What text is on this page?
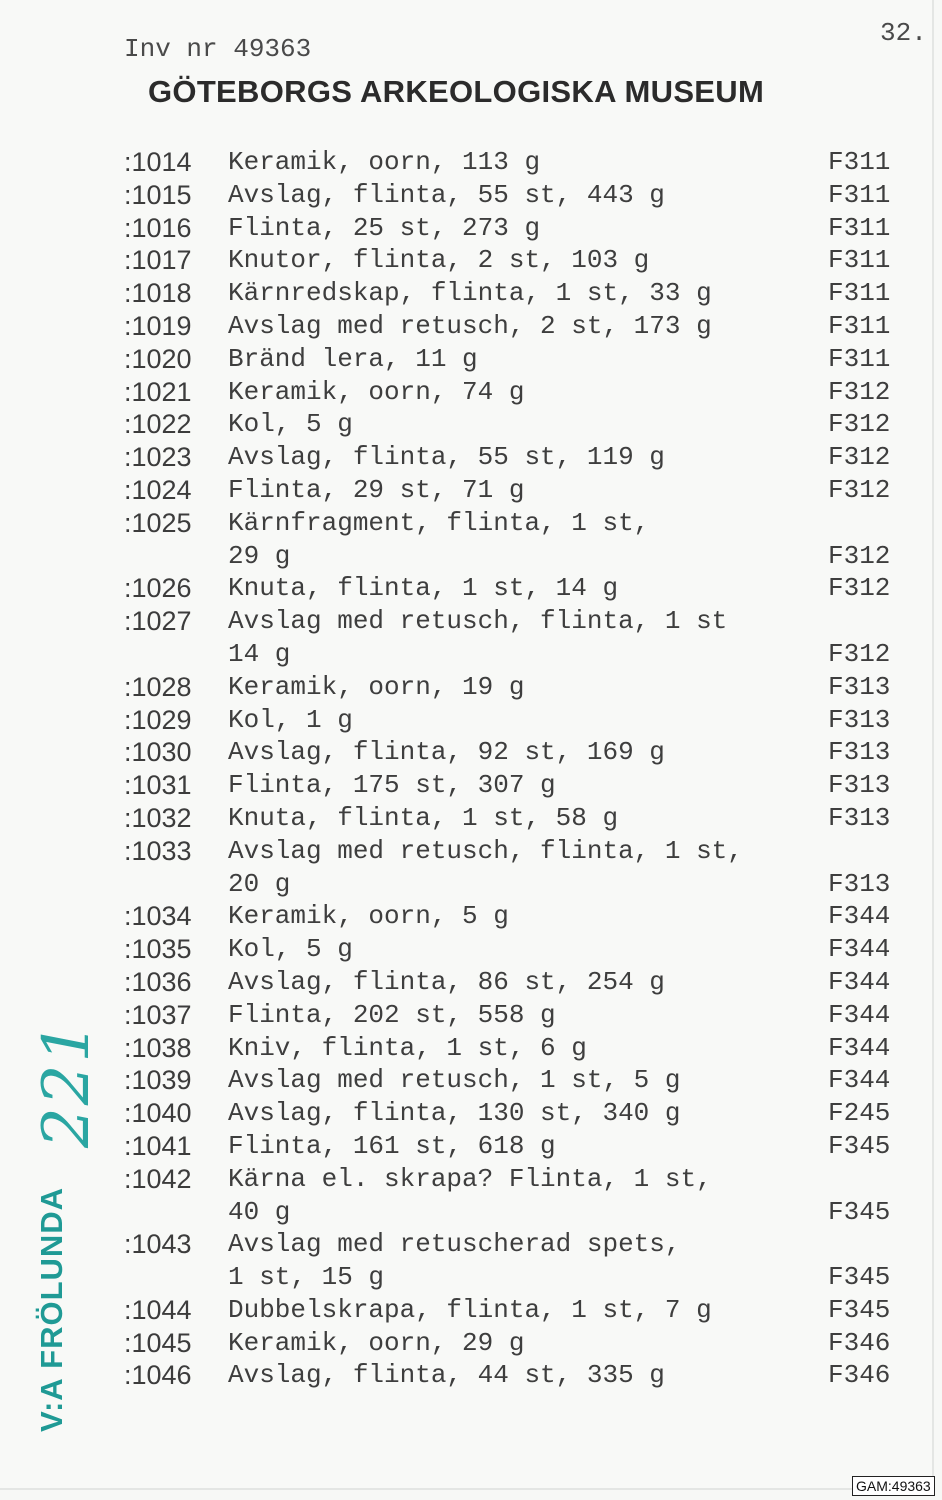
32.
Inv nr 49363
GÖTEBORGS ARKEOLOGISKA MUSEUM
:1014 Keramik, oorn, 113 g	F311
:1015 Avslag, flinta, 55 st, 443 g	F311
:1016 Flinta, 25 st, 273 g	F311
:1017 Knutor, flinta, 2 st, 103 g	F311
:1018 Kärnredskap, flinta, 1 st, 33 g	F311
:1019 Avslag med retusch, 2 st, 173 g	F311
:1020 Bränd lera, 11 g	F311
:1021 Keramik, oorn, 74 g	F312
:1022 Kol, 5 g	F312
:1023 Avslag, flinta, 55 st, 119 g	F312
:1024 Flinta, 29 st, 71 g	F312
:1025 Kärnfragment, flinta, 1 st,
29 g	F312
:1026 Knuta, flinta, 1 st, 14 g	F312
:1027 Avslag med retusch, flinta, 1 st
14 g	F312
:1028 Keramik, oorn, 19 g	F313
:1029 Kol, 1 g	F313
:1030 Avslag, flinta, 92 st, 169 g	F313
:1031 Flinta, 175 st, 307 g	F313
:1032 Knuta, flinta, 1 st, 58 g	F313
:1033 Avslag med retusch, flinta, 1 st,
20 g	F313
:1034 Keramik, oorn, 5 g	F344
:1035 Kol, 5 g	F344
:1036 Avslag, flinta, 86 st, 254 g	F344
:1037 Flinta, 202 st, 558 g	F344
:1038 Kniv, flinta, 1 st, 6 g	F344
:1039 Avslag med retusch, 1 st, 5 g	F344
:1040 Avslag, flinta, 130 st, 340 g	F245
:1041 Flinta, 161 st, 618 g	F345
:1042 Kärna el. skrapa? Flinta, 1 st,
40 g	F345
:1043 Avslag med retuscherad spets,
1 st, 15 g	F345
:1044 Dubbelskrapa, flinta, 1 st, 7 g	F345
:1045 Keramik, oorn, 29 g	F346
:1046 Avslag, flinta, 44 st, 335 g	F346
221
V:A FRÖLUNDA
GAM:49363
